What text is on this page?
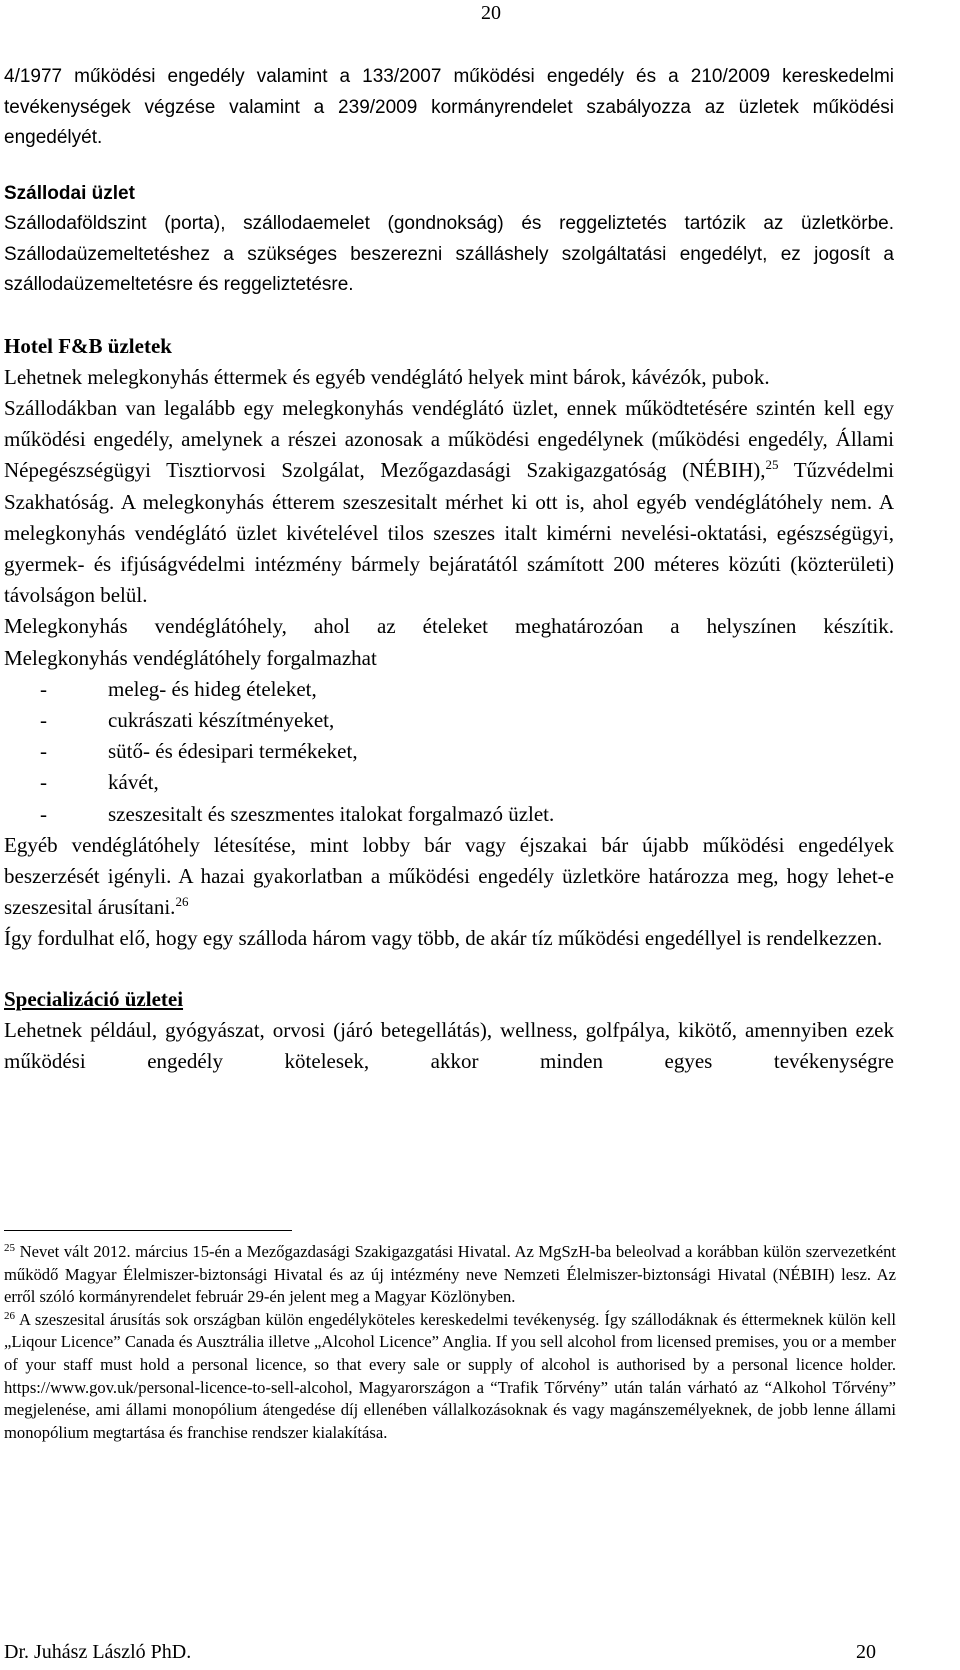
20

4/1977 működési engedély valamint a 133/2007 működési engedély és a 210/2009 kereskedelmi tevékenységek végzése valamint a 239/2009 kormányrendelet szabályozza az üzletek működési engedélyét.

Szállodai üzlet

Szállodaföldszint (porta), szállodaemelet (gondnokság) és reggeliztetés tartózik az üzletkörbe. Szállodaüzemeltetéshez a szükséges beszerezni szálláshely szolgáltatási engedélyt, ez jogosít a szállodaüzemeltetésre és reggeliztetésre.

Hotel F&B üzletek

Lehetnek melegkonyhás éttermek és egyéb vendéglátó helyek mint bárok, kávézók, pubok.

Szállodákban van legalább egy melegkonyhás vendéglátó üzlet, ennek működtetésére szintén kell egy működési engedély, amelynek a részei azonosak a működési engedélynek (működési engedély, Állami Népegészségügyi Tisztiorvosi Szolgálat, Mezőgazdasági Szakigazgatóság (NÉBIH),$^{25}$ Tűzvédelmi Szakhatóság. A melegkonyhás étterem szeszesitalt mérhet ki ott is, ahol egyéb vendéglátóhely nem. A melegkonyhás vendéglátó üzlet kivételével tilos szeszes italt kimérni nevelési-oktatási, egészségügyi, gyermek- és ifjúságvédelmi intézmény bármely bejáratától számított 200 méteres közúti (közterületi) távolságon belül.

Melegkonyhás vendéglátóhely, ahol az ételeket meghatározóan a helyszínen készítik.

Melegkonyhás vendéglátóhely forgalmazhat

-	meleg- és hideg ételeket,
-	cukrászati készítményeket,
-	sütő- és édesipari termékeket,
-	kávét,
-	szeszesitalt és szeszmentes italokat forgalmazó üzlet.

Egyéb vendéglátóhely létesítése, mint lobby bár vagy éjszakai bár újabb működési engedélyek beszerzését igényli. A hazai gyakorlatban a működési engedély üzletköre határozza meg, hogy lehet-e szeszesital árusítani.$^{26}$

Így fordulhat elő, hogy egy szálloda három vagy több, de akár tíz működési engedéllyel is rendelkezzen.

Specializáció üzletei

Lehetnek például, gyógyászat, orvosi (járó betegellátás), wellness, golfpálya, kikötő, amennyiben ezek működési engedély kötelesek, akkor minden egyes tevékenységre

$^{25}$ Nevet vált 2012. március 15-én a Mezőgazdasági Szakigazgatási Hivatal. Az MgSzH-ba beleolvad a korábban külön szervezetként működő Magyar Élelmiszer-biztonsági Hivatal és az új intézmény neve Nemzeti Élelmiszer-biztonsági Hivatal (NÉBIH) lesz. Az erről szóló kormányrendelet február 29-én jelent meg a Magyar Közlönyben.

$^{26}$ A szeszesital árusítás sok országban külön engedélyköteles kereskedelmi tevékenység. Így szállodáknak és éttermeknek külön kell „Liqour Licence” Canada és Ausztrália illetve „Alcohol Licence” Anglia. If you sell alcohol from licensed premises, you or a member of your staff must hold a personal licence, so that every sale or supply of alcohol is authorised by a personal licence holder. https://www.gov.uk/personal-licence-to-sell-alcohol, Magyarországon a “Trafik Tőrvény” után talán várható az “Alkohol Tőrvény” megjelenése, ami állami monopólium átengedése díj ellenében vállalkozásoknak és vagy magánszemélyeknek, de jobb lenne állami monopólium megtartása és franchise rendszer kialakítása.

Dr. Juhász László PhD.	20
